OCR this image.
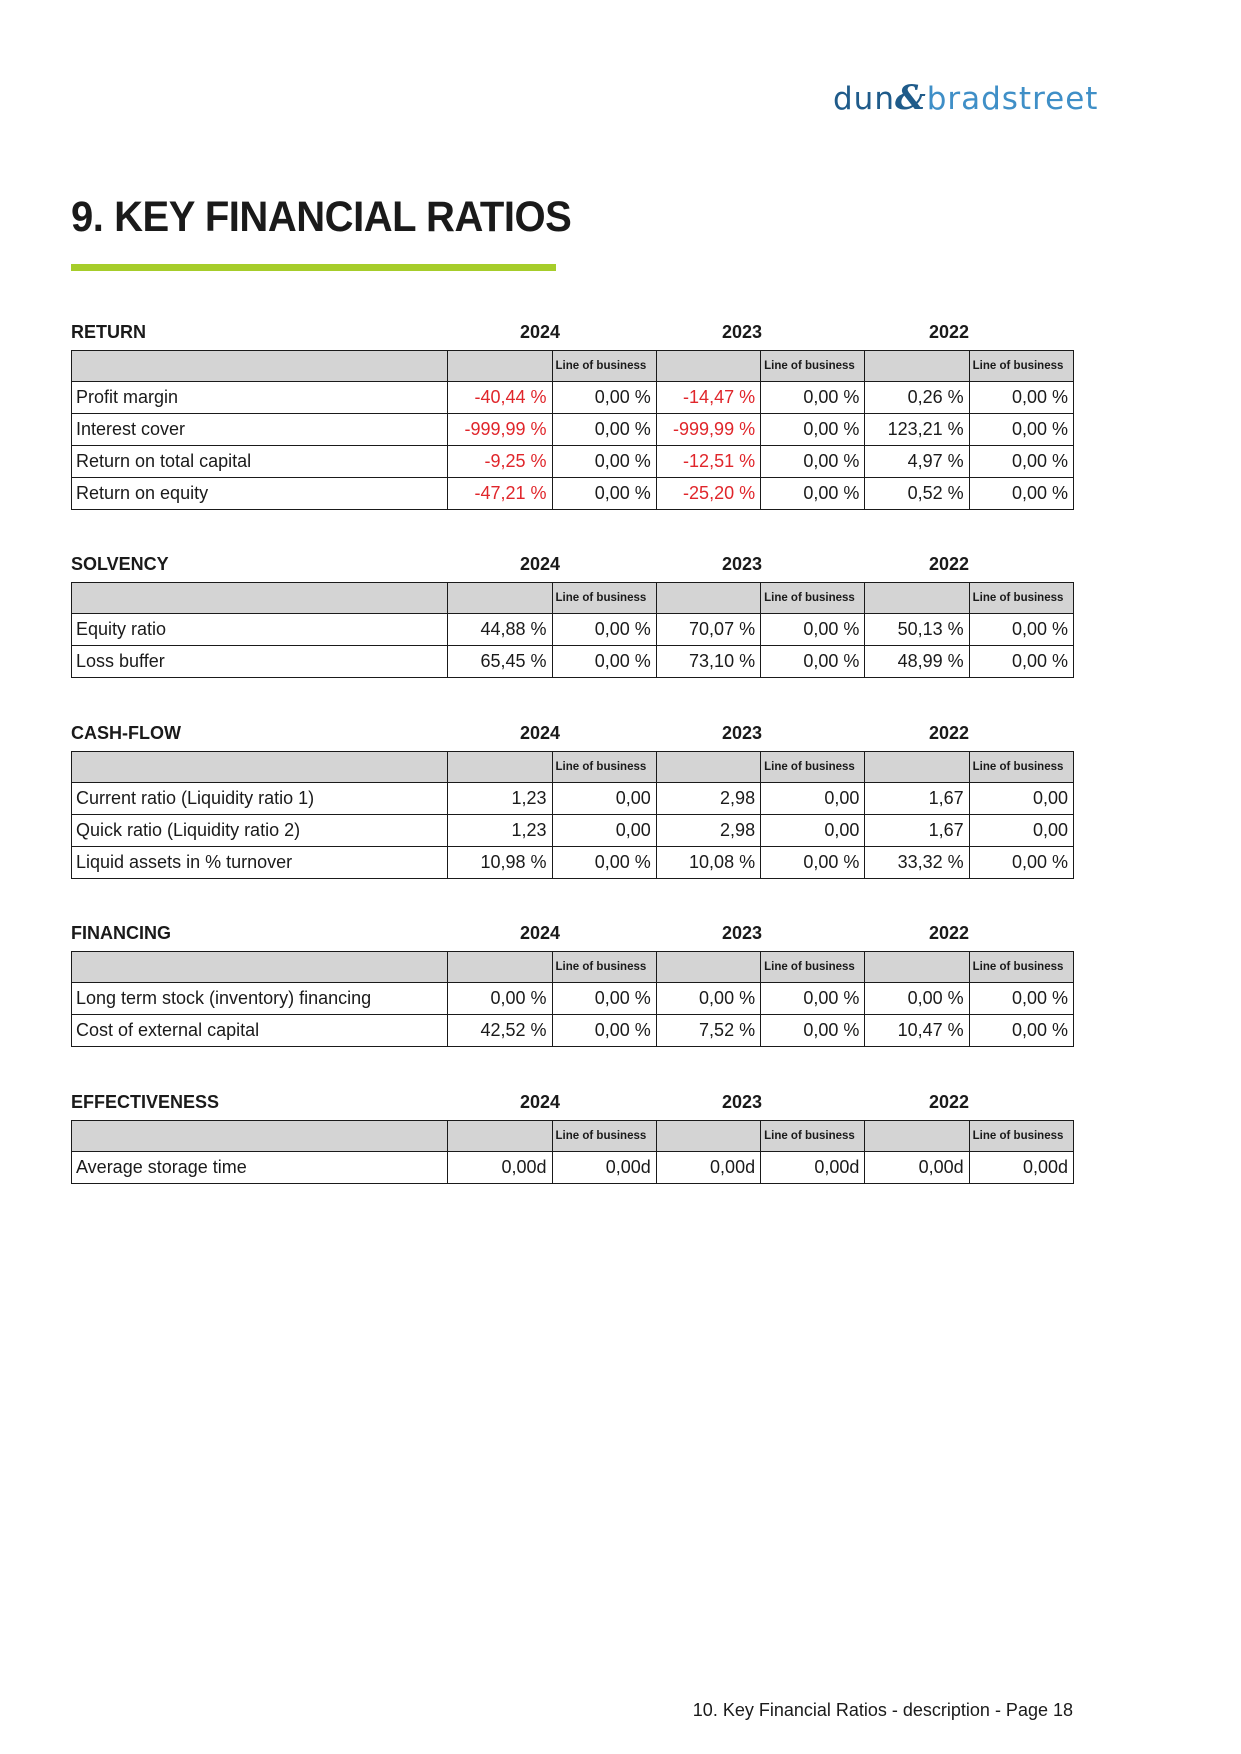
dun&bradstreet
9. KEY FINANCIAL RATIOS
RETURN	2024	2023	2022
		Line of business		Line of business		Line of business
Profit margin	-40,44 %	0,00 %	-14,47 %	0,00 %	0,26 %	0,00 %
Interest cover	-999,99 %	0,00 %	-999,99 %	0,00 %	123,21 %	0,00 %
Return on total capital	-9,25 %	0,00 %	-12,51 %	0,00 %	4,97 %	0,00 %
Return on equity	-47,21 %	0,00 %	-25,20 %	0,00 %	0,52 %	0,00 %
SOLVENCY	2024	2023	2022
		Line of business		Line of business		Line of business
Equity ratio	44,88 %	0,00 %	70,07 %	0,00 %	50,13 %	0,00 %
Loss buffer	65,45 %	0,00 %	73,10 %	0,00 %	48,99 %	0,00 %
CASH-FLOW	2024	2023	2022
		Line of business		Line of business		Line of business
Current ratio (Liquidity ratio 1)	1,23	0,00	2,98	0,00	1,67	0,00
Quick ratio (Liquidity ratio 2)	1,23	0,00	2,98	0,00	1,67	0,00
Liquid assets in % turnover	10,98 %	0,00 %	10,08 %	0,00 %	33,32 %	0,00 %
FINANCING	2024	2023	2022
		Line of business		Line of business		Line of business
Long term stock (inventory) financing	0,00 %	0,00 %	0,00 %	0,00 %	0,00 %	0,00 %
Cost of external capital	42,52 %	0,00 %	7,52 %	0,00 %	10,47 %	0,00 %
EFFECTIVENESS	2024	2023	2022
		Line of business		Line of business		Line of business
Average storage time	0,00d	0,00d	0,00d	0,00d	0,00d	0,00d
10. Key Financial Ratios - description - Page 18
